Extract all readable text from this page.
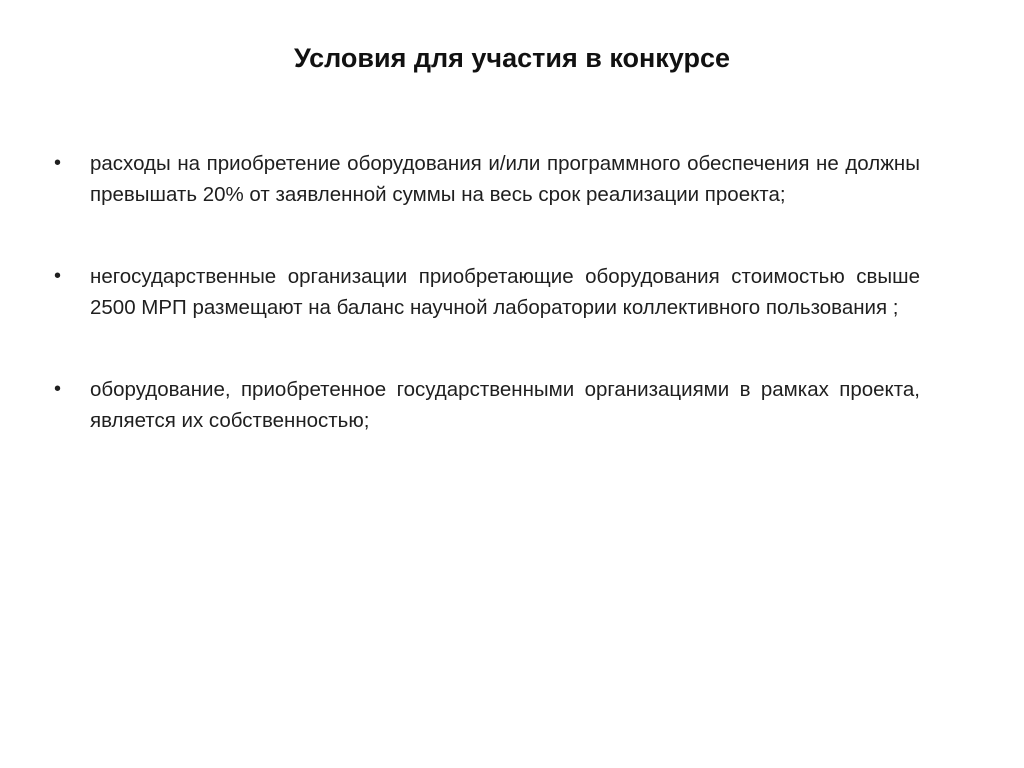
Условия для участия в конкурсе
•	расходы на приобретение оборудования и/или программного обеспечения не должны превышать 20% от заявленной суммы на весь срок реализации проекта;
•	негосударственные организации приобретающие оборудования стоимостью свыше 2500 МРП размещают на баланс научной лаборатории коллективного пользования ;
•	оборудование, приобретенное государственными организациями в рамках проекта, является их собственностью;
